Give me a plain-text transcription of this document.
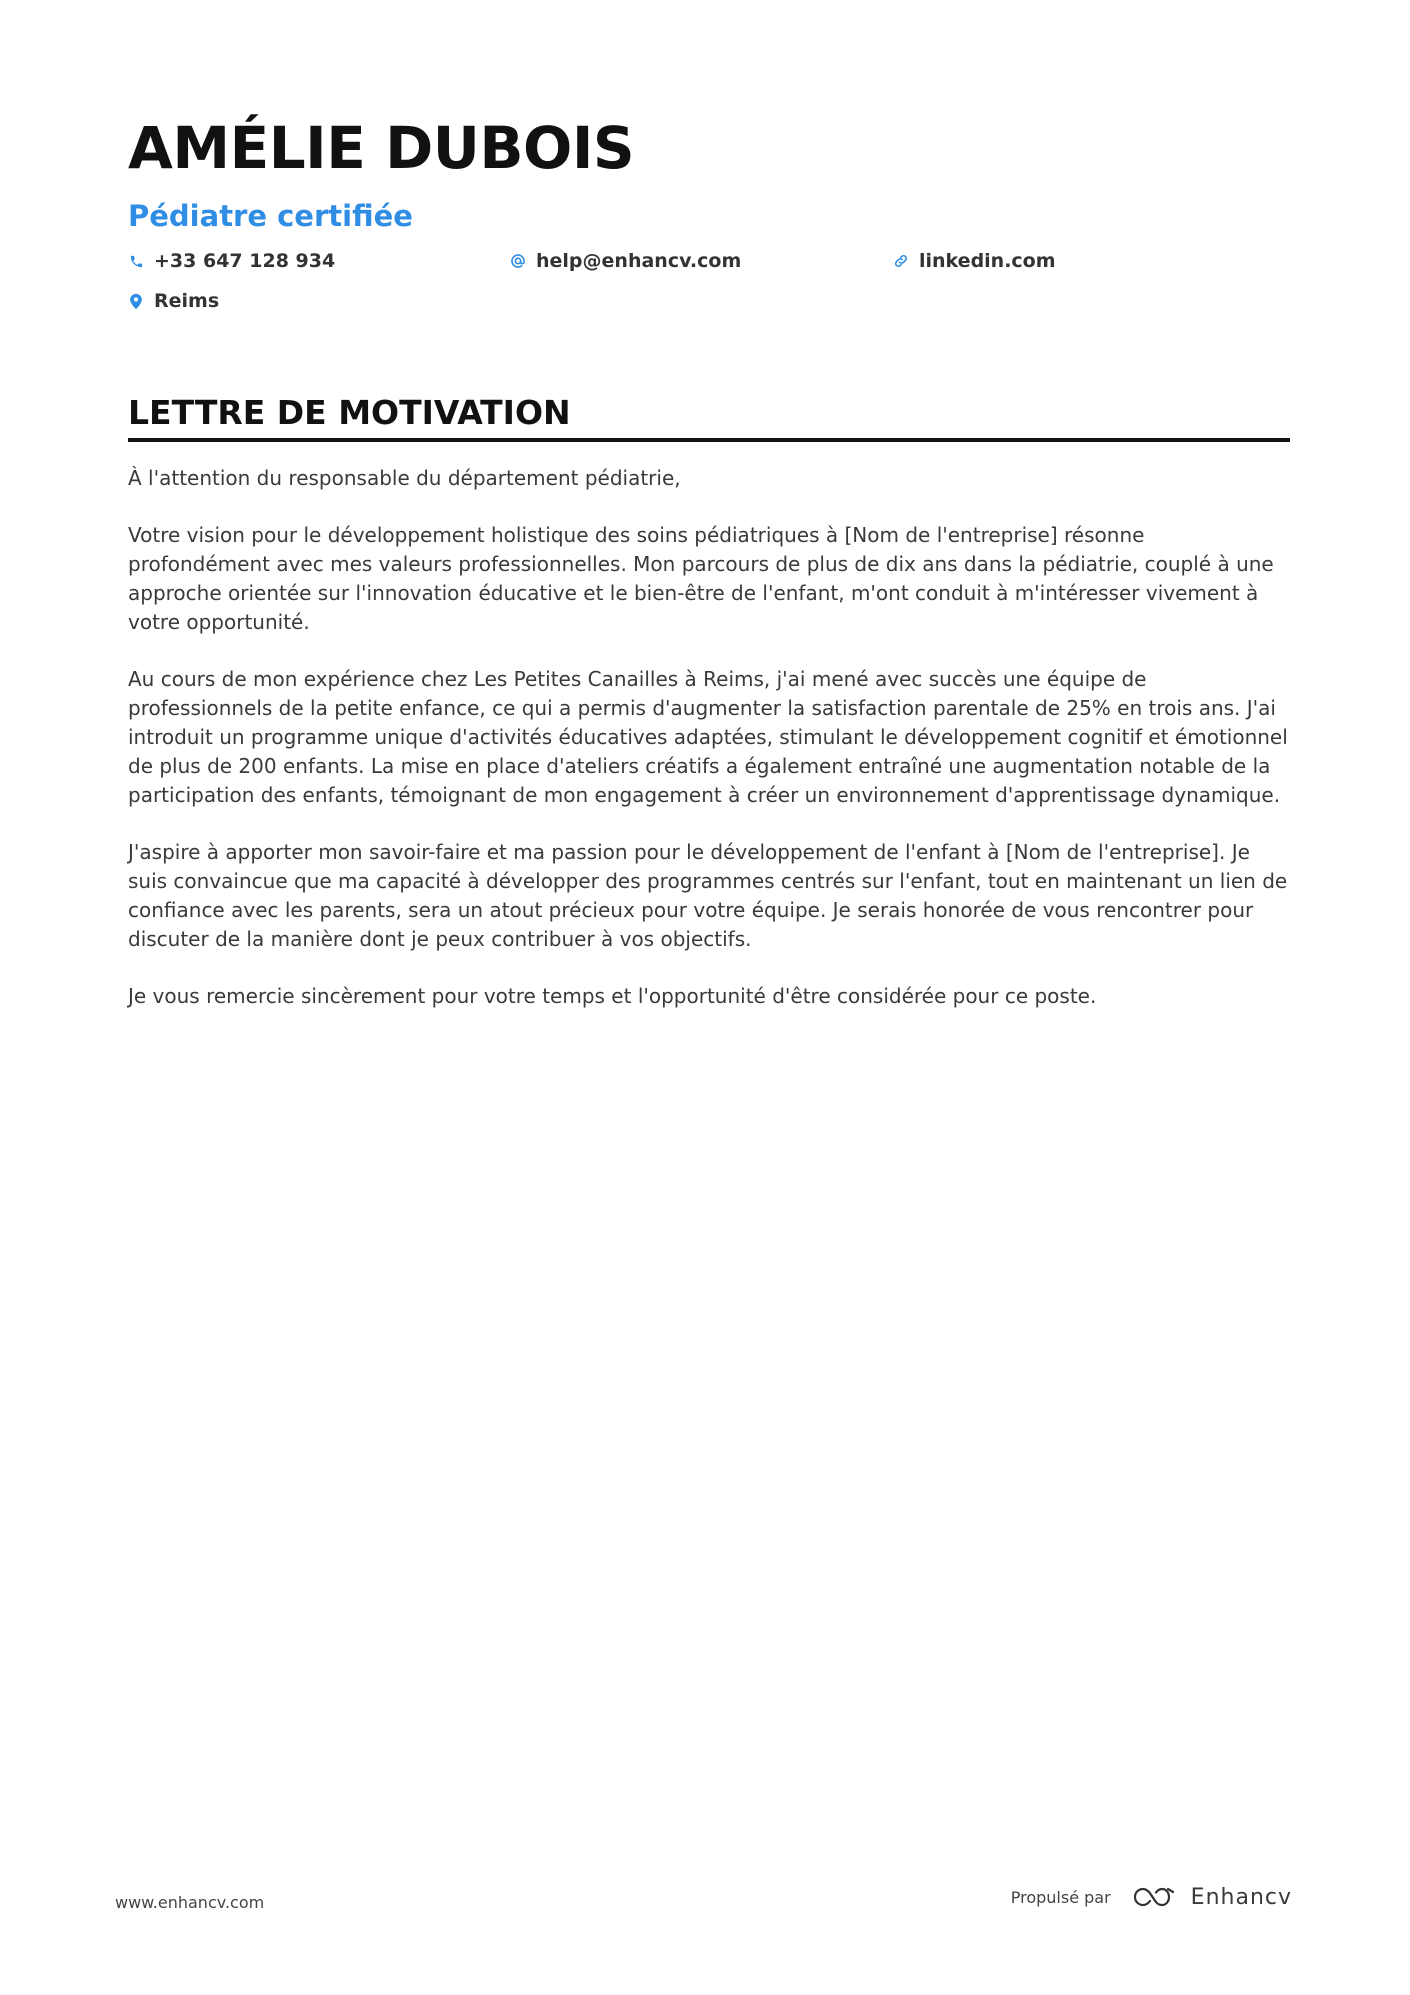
AMÉLIE DUBOIS
Pédiatre certifiée
+33 647 128 934	help@enhancv.com	linkedin.com
Reims
LETTRE DE MOTIVATION

À l'attention du responsable du département pédiatrie,

Votre vision pour le développement holistique des soins pédiatriques à [Nom de l'entreprise] résonne profondément avec mes valeurs professionnelles. Mon parcours de plus de dix ans dans la pédiatrie, couplé à une approche orientée sur l'innovation éducative et le bien-être de l'enfant, m'ont conduit à m'intéresser vivement à votre opportunité.

Au cours de mon expérience chez Les Petites Canailles à Reims, j'ai mené avec succès une équipe de professionnels de la petite enfance, ce qui a permis d'augmenter la satisfaction parentale de 25% en trois ans. J'ai introduit un programme unique d'activités éducatives adaptées, stimulant le développement cognitif et émotionnel de plus de 200 enfants. La mise en place d'ateliers créatifs a également entraîné une augmentation notable de la participation des enfants, témoignant de mon engagement à créer un environnement d'apprentissage dynamique.

J'aspire à apporter mon savoir-faire et ma passion pour le développement de l'enfant à [Nom de l'entreprise]. Je suis convaincue que ma capacité à développer des programmes centrés sur l'enfant, tout en maintenant un lien de confiance avec les parents, sera un atout précieux pour votre équipe. Je serais honorée de vous rencontrer pour discuter de la manière dont je peux contribuer à vos objectifs.

Je vous remercie sincèrement pour votre temps et l'opportunité d'être considérée pour ce poste.

www.enhancv.com	Propulsé par	Enhancv
